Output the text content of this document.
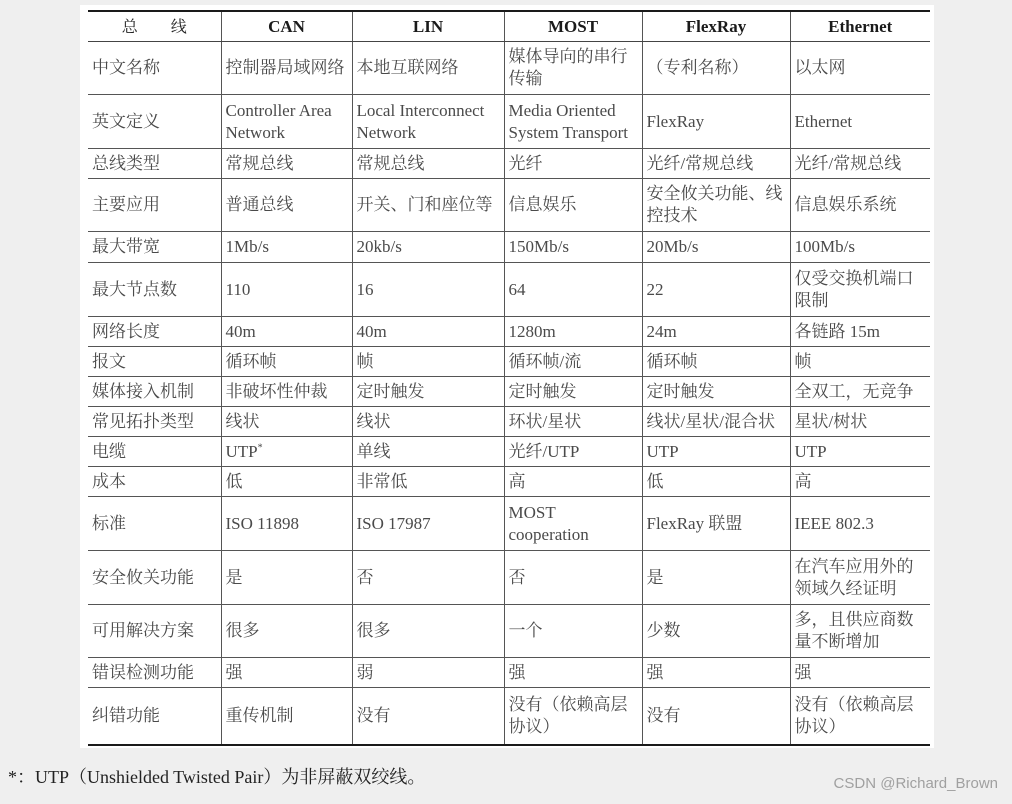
总 线	CAN	LIN	MOST	FlexRay	Ethernet
中文名称	控制器局域网络	本地互联网络	媒体导向的串行传输	（专利名称）	以太网
英文定义	Controller Area Network	Local Interconnect Network	Media Oriented System Transport	FlexRay	Ethernet
总线类型	常规总线	常规总线	光纤	光纤/常规总线	光纤/常规总线
主要应用	普通总线	开关、门和座位等	信息娱乐	安全攸关功能、线控技术	信息娱乐系统
最大带宽	1Mb/s	20kb/s	150Mb/s	20Mb/s	100Mb/s
最大节点数	110	16	64	22	仅受交换机端口限制
网络长度	40m	40m	1280m	24m	各链路 15m
报文	循环帧	帧	循环帧/流	循环帧	帧
媒体接入机制	非破坏性仲裁	定时触发	定时触发	定时触发	全双工，无竞争
常见拓扑类型	线状	线状	环状/星状	线状/星状/混合状	星状/树状
电缆	UTP*	单线	光纤/UTP	UTP	UTP
成本	低	非常低	高	低	高
标准	ISO 11898	ISO 17987	MOST cooperation	FlexRay 联盟	IEEE 802.3
安全攸关功能	是	否	否	是	在汽车应用外的领域久经证明
可用解决方案	很多	很多	一个	少数	多，且供应商数量不断增加
错误检测功能	强	弱	强	强	强
纠错功能	重传机制	没有	没有（依赖高层协议）	没有	没有（依赖高层协议）
*：UTP（Unshielded Twisted Pair）为非屏蔽双绞线。	CSDN @Richard_Brown
